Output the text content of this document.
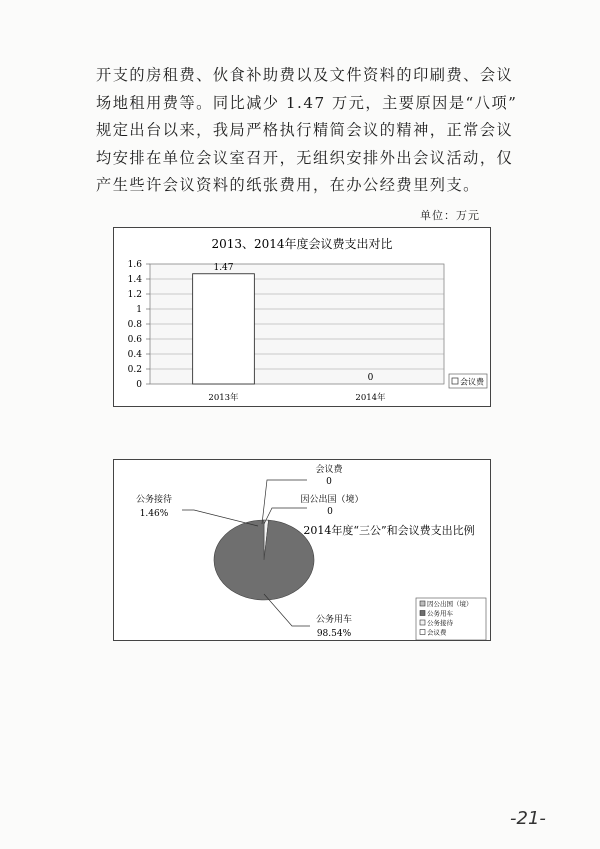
开支的房租费、伙食补助费以及文件资料的印刷费、会议

场地租用费等。同比减少 1.47 万元，主要原因是“八项”

规定出台以来，我局严格执行精简会议的精神，正常会议

均安排在单位会议室召开，无组织安排外出会议活动，仅

产生些许会议资料的纸张费用，在办公经费里列支。

单位：万元
2013、2014年度会议费支出对比
0
0.2
0.4
0.6
0.8
1
1.2
1.4
1.6	1.47
0
2013年	2014年
会议费
2014年度“三公”和会议费支出比例
会议费
0
因公出国（境）
0
公务接待
1.46%
公务用车
98.54%
因公出国（境）
公务用车
公务接待
会议费
-21-
